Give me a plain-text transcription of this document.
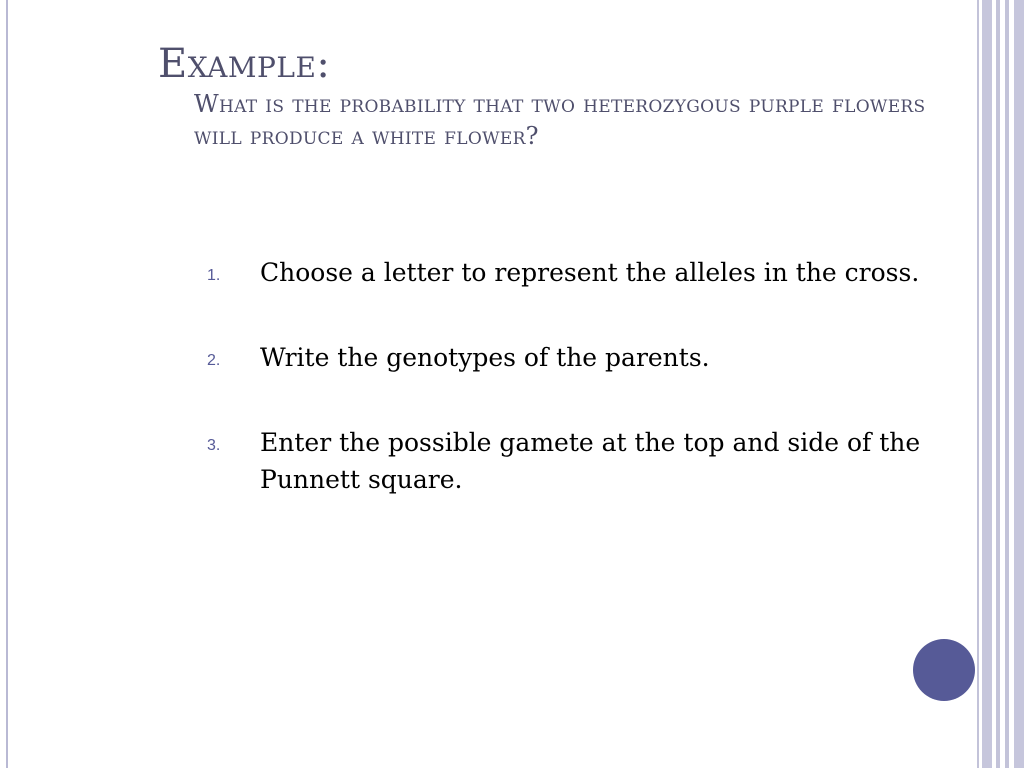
Example:
What is the probability that two heterozygous purple flowers will produce a white flower?
1. Choose a letter to represent the alleles in the cross.
2. Write the genotypes of the parents.
3. Enter the possible gamete at the top and side of the Punnett square.
